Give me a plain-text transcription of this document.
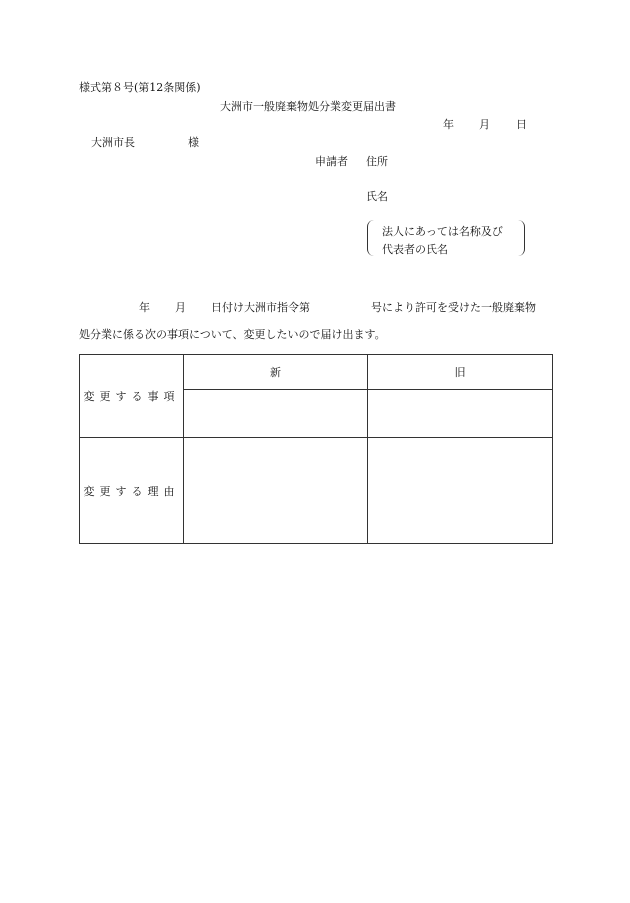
様式第８号(第12条関係)
大洲市一般廃棄物処分業変更届出書
年 月 日
大洲市長	様
申請者 住所
氏名
法人にあっては名称及び
代表者の氏名
年 月 日付け大洲市指令第	号により許可を受けた一般廃棄物
処分業に係る次の事項について、変更したいので届け出ます。
変更する事項	新	旧

変更する理由		
